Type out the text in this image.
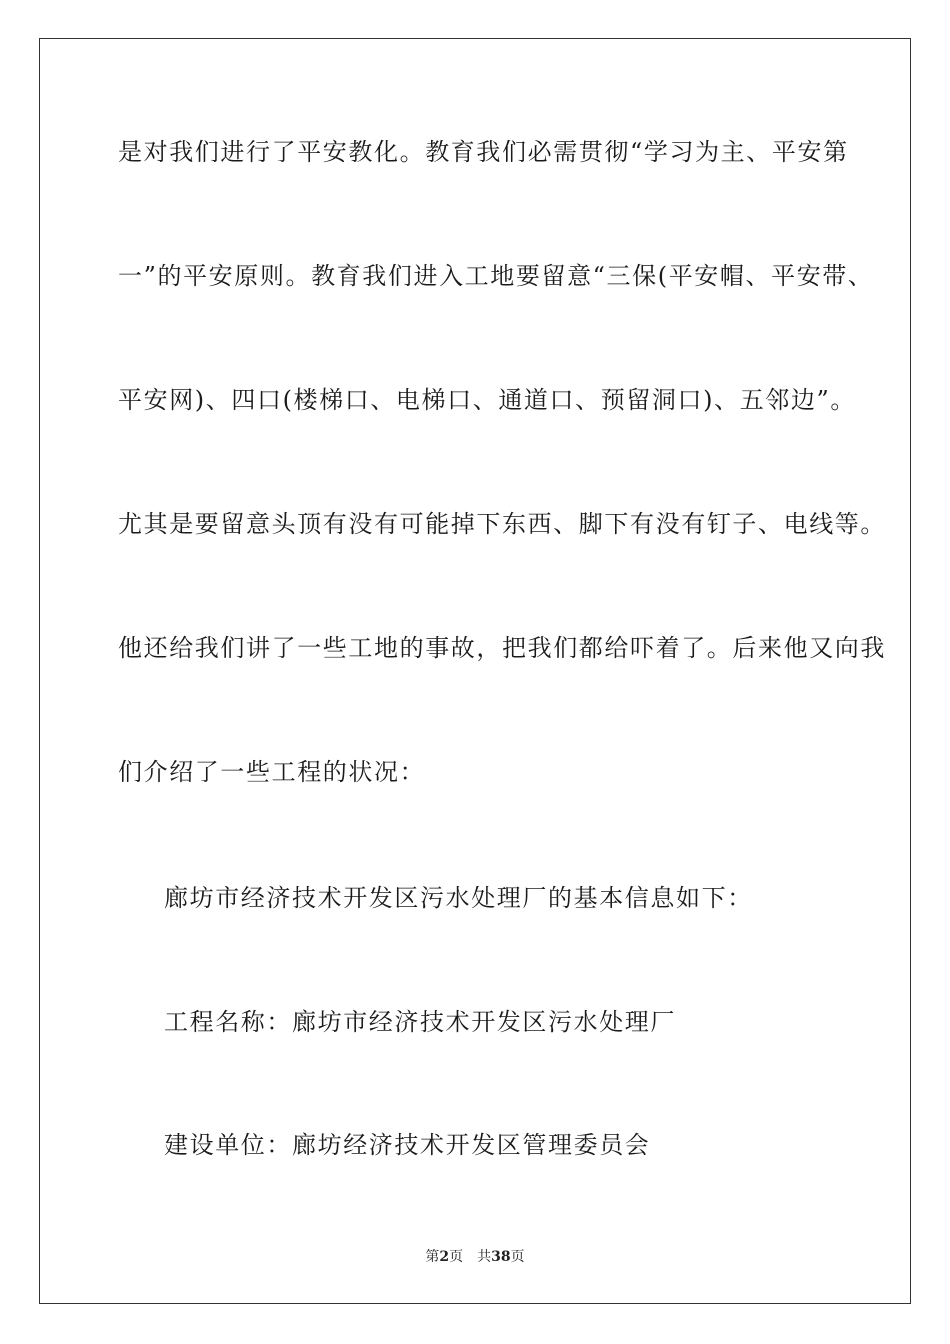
是对我们进行了平安教化。教育我们必需贯彻“学习为主、平安第
一”的平安原则。教育我们进入工地要留意“三保(平安帽、平安带、
平安网)、四口(楼梯口、电梯口、通道口、预留洞口)、五邻边”。
尤其是要留意头顶有没有可能掉下东西、脚下有没有钉子、电线等。
他还给我们讲了一些工地的事故，把我们都给吓着了。后来他又向我
们介绍了一些工程的状况：
廊坊市经济技术开发区污水处理厂的基本信息如下：
工程名称：廊坊市经济技术开发区污水处理厂
建设单位：廊坊经济技术开发区管理委员会
第2页 共38页
